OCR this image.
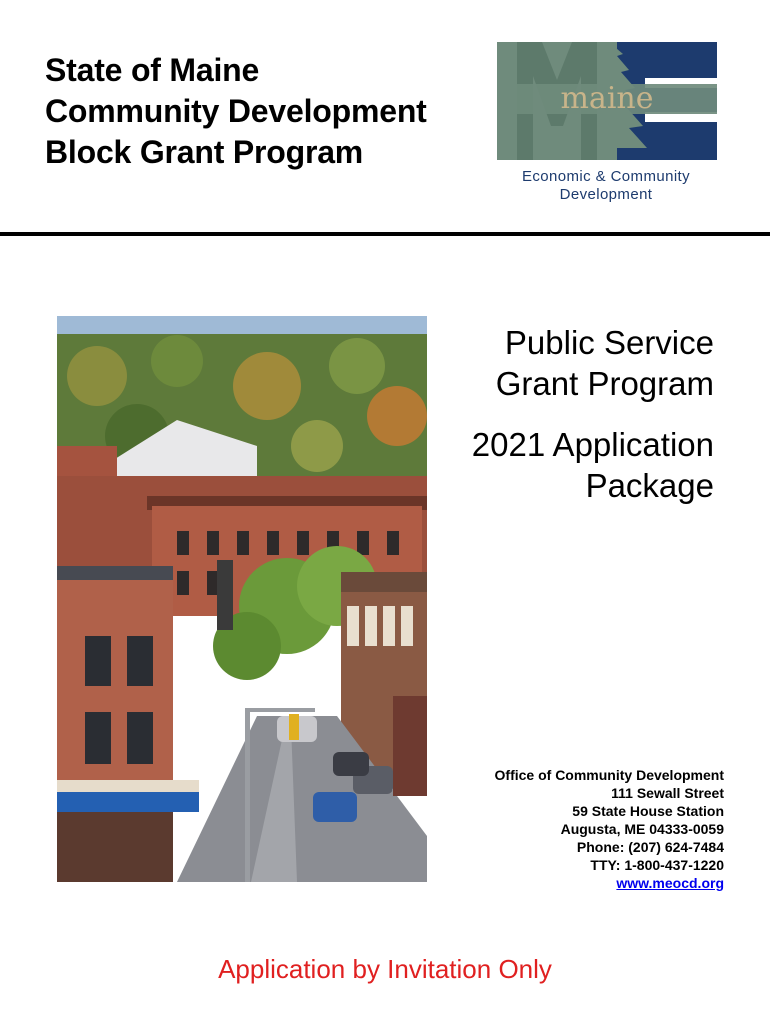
State of Maine
Community Development
Block Grant Program
maine
Economic & Community
Development
Public Service
Grant Program
2021 Application
Package
Office of Community Development
111 Sewall Street
59 State House Station
Augusta, ME 04333-0059
Phone: (207) 624-7484
TTY: 1-800-437-1220
www.meocd.org
Application by Invitation Only
